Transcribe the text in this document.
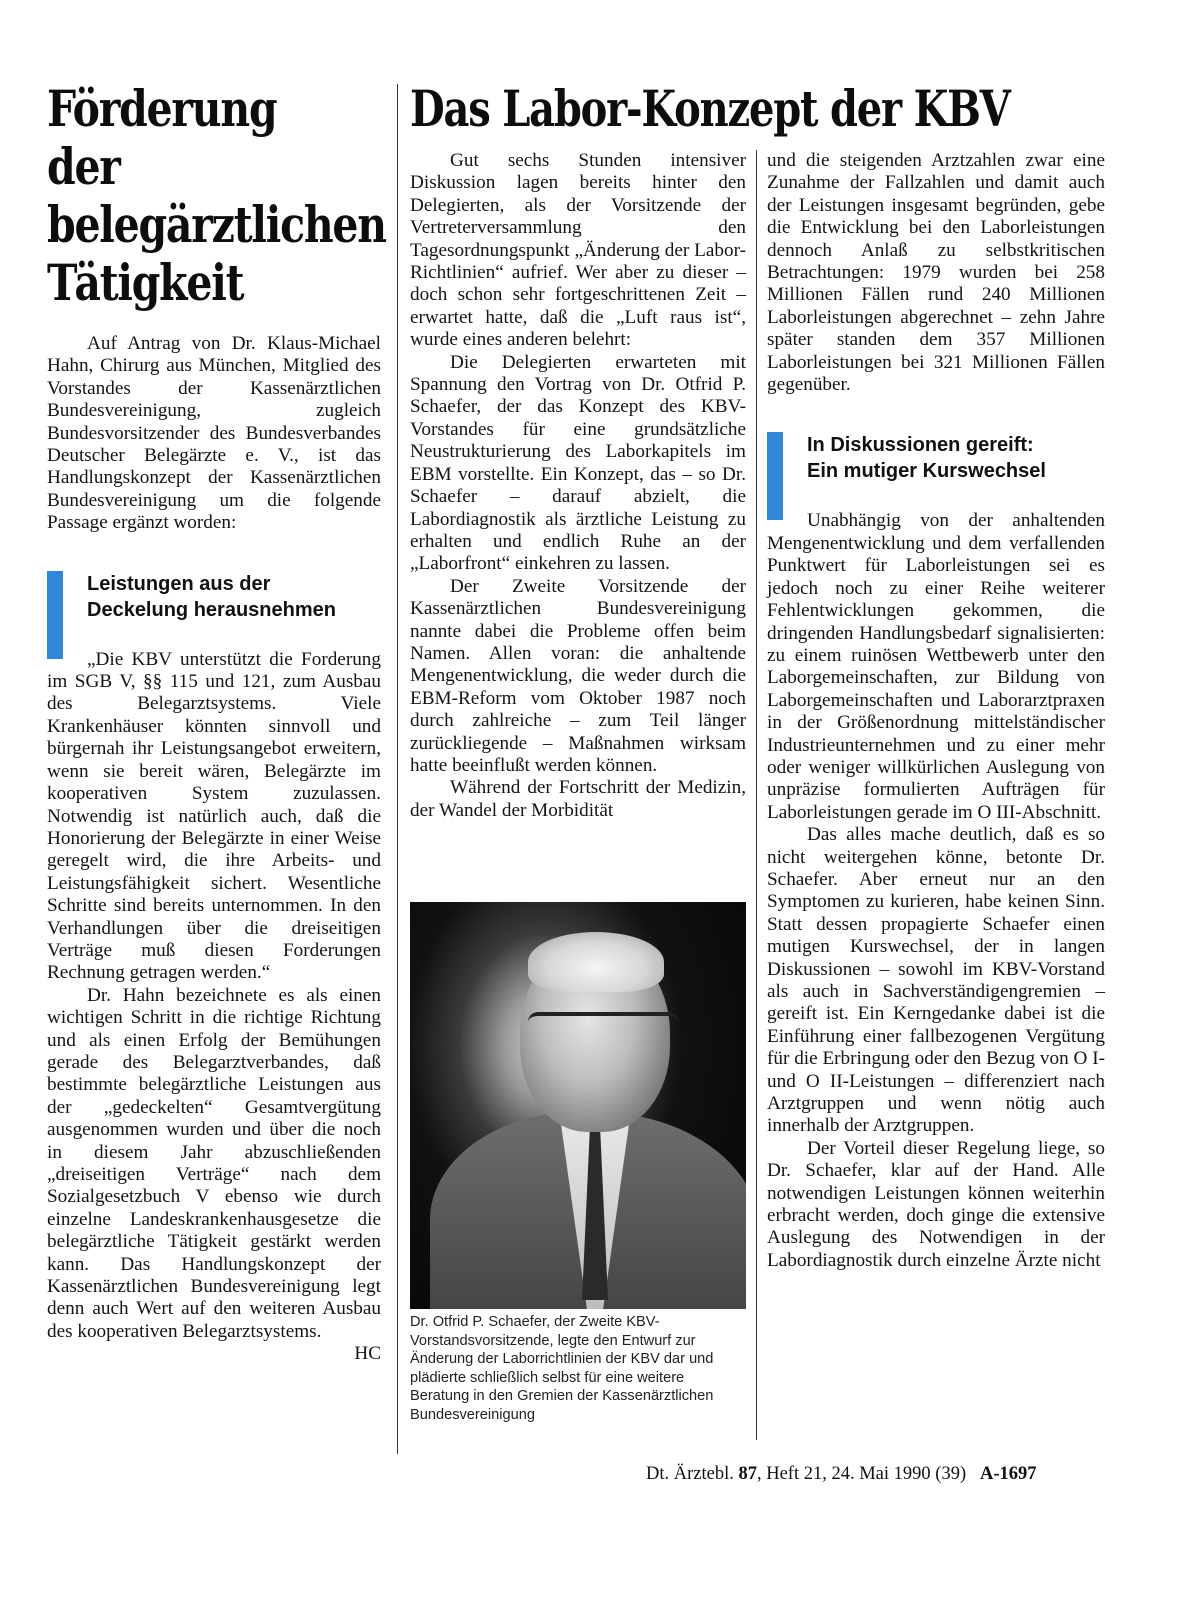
Förderung
der
belegärztlichen
Tätigkeit

Auf Antrag von Dr. Klaus-Michael Hahn, Chirurg aus München, Mitglied des Vorstandes der Kassenärztlichen Bundesvereinigung, zugleich Bundesvorsitzender des Bundesverbandes Deutscher Belegärzte e. V., ist das Handlungskonzept der Kassenärztlichen Bundesvereinigung um die folgende Passage ergänzt worden:

Leistungen aus der
Deckelung herausnehmen

„Die KBV unterstützt die Forderung im SGB V, §§ 115 und 121, zum Ausbau des Belegarztsystems. Viele Krankenhäuser könnten sinnvoll und bürgernah ihr Leistungsangebot erweitern, wenn sie bereit wären, Belegärzte im kooperativen System zuzulassen. Notwendig ist natürlich auch, daß die Honorierung der Belegärzte in einer Weise geregelt wird, die ihre Arbeits- und Leistungsfähigkeit sichert. Wesentliche Schritte sind bereits unternommen. In den Verhandlungen über die dreiseitigen Verträge muß diesen Forderungen Rechnung getragen werden.“

Dr. Hahn bezeichnete es als einen wichtigen Schritt in die richtige Richtung und als einen Erfolg der Bemühungen gerade des Belegarztverbandes, daß bestimmte belegärztliche Leistungen aus der „gedeckelten“ Gesamtvergütung ausgenommen wurden und über die noch in diesem Jahr abzuschließenden „dreiseitigen Verträge“ nach dem Sozialgesetzbuch V ebenso wie durch einzelne Landeskrankenhausgesetze die belegärztliche Tätigkeit gestärkt werden kann. Das Handlungskonzept der Kassenärztlichen Bundesvereinigung legt denn auch Wert auf den weiteren Ausbau des kooperativen Belegarztsystems.
HC

Das Labor-Konzept der KBV

Gut sechs Stunden intensiver Diskussion lagen bereits hinter den Delegierten, als der Vorsitzende der Vertreterversammlung den Tagesordnungspunkt „Änderung der Labor-Richtlinien“ aufrief. Wer aber zu dieser – doch schon sehr fortgeschrittenen Zeit – erwartet hatte, daß die „Luft raus ist“, wurde eines anderen belehrt:

Die Delegierten erwarteten mit Spannung den Vortrag von Dr. Otfrid P. Schaefer, der das Konzept des KBV-Vorstandes für eine grundsätzliche Neustrukturierung des Laborkapitels im EBM vorstellte. Ein Konzept, das – so Dr. Schaefer – darauf abzielt, die Labordiagnostik als ärztliche Leistung zu erhalten und endlich Ruhe an der „Laborfront“ einkehren zu lassen.

Der Zweite Vorsitzende der Kassenärztlichen Bundesvereinigung nannte dabei die Probleme offen beim Namen. Allen voran: die anhaltende Mengenentwicklung, die weder durch die EBM-Reform vom Oktober 1987 noch durch zahlreiche – zum Teil länger zurückliegende – Maßnahmen wirksam hatte beeinflußt werden können.

Während der Fortschritt der Medizin, der Wandel der Morbidität

Dr. Otfrid P. Schaefer, der Zweite KBV-Vorstandsvorsitzende, legte den Entwurf zur Änderung der Laborrichtlinien der KBV dar und plädierte schließlich selbst für eine weitere Beratung in den Gremien der Kassenärztlichen Bundesvereinigung

und die steigenden Arztzahlen zwar eine Zunahme der Fallzahlen und damit auch der Leistungen insgesamt begründen, gebe die Entwicklung bei den Laborleistungen dennoch Anlaß zu selbstkritischen Betrachtungen: 1979 wurden bei 258 Millionen Fällen rund 240 Millionen Laborleistungen abgerechnet – zehn Jahre später standen dem 357 Millionen Laborleistungen bei 321 Millionen Fällen gegenüber.

In Diskussionen gereift:
Ein mutiger Kurswechsel

Unabhängig von der anhaltenden Mengenentwicklung und dem verfallenden Punktwert für Laborleistungen sei es jedoch noch zu einer Reihe weiterer Fehlentwicklungen gekommen, die dringenden Handlungsbedarf signalisierten: zu einem ruinösen Wettbewerb unter den Laborgemeinschaften, zur Bildung von Laborgemeinschaften und Laborarztpraxen in der Größenordnung mittelständischer Industrieunternehmen und zu einer mehr oder weniger willkürlichen Auslegung von unpräzise formulierten Aufträgen für Laborleistungen gerade im O III-Abschnitt.

Das alles mache deutlich, daß es so nicht weitergehen könne, betonte Dr. Schaefer. Aber erneut nur an den Symptomen zu kurieren, habe keinen Sinn. Statt dessen propagierte Schaefer einen mutigen Kurswechsel, der in langen Diskussionen – sowohl im KBV-Vorstand als auch in Sachverständigengremien – gereift ist. Ein Kerngedanke dabei ist die Einführung einer fallbezogenen Vergütung für die Erbringung oder den Bezug von O I- und O II-Leistungen – differenziert nach Arztgruppen und wenn nötig auch innerhalb der Arztgruppen.

Der Vorteil dieser Regelung liege, so Dr. Schaefer, klar auf der Hand. Alle notwendigen Leistungen können weiterhin erbracht werden, doch ginge die extensive Auslegung des Notwendigen in der Labordiagnostik durch einzelne Ärzte nicht

Dt. Ärztebl. 87, Heft 21, 24. Mai 1990 (39) A-1697
